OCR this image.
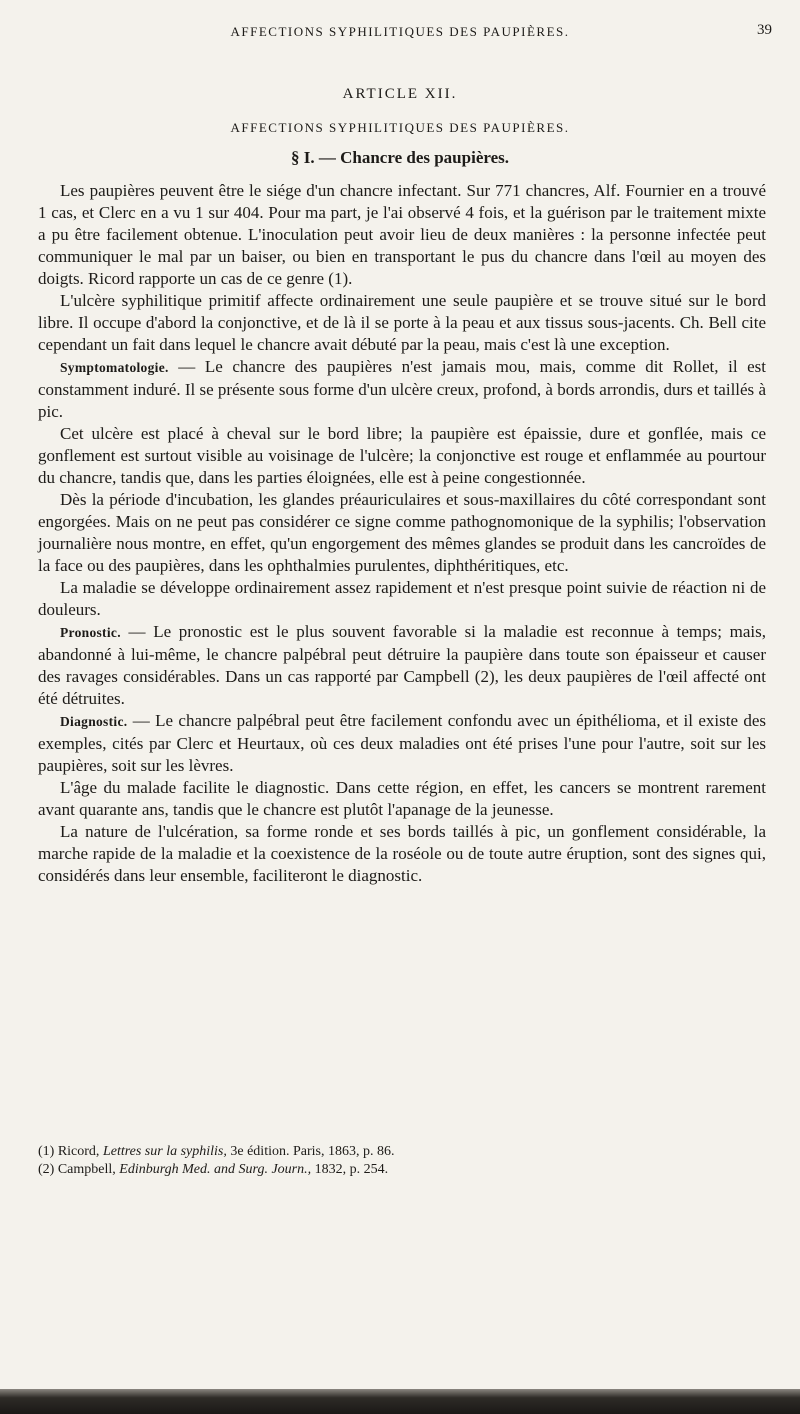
AFFECTIONS SYPHILITIQUES DES PAUPIÈRES.	39
ARTICLE XII.
AFFECTIONS SYPHILITIQUES DES PAUPIÈRES.
§ I. — Chancre des paupières.

Les paupières peuvent être le siége d'un chancre infectant. Sur 771 chancres, Alf. Fournier en a trouvé 1 cas, et Clerc en a vu 1 sur 404. Pour ma part, je l'ai observé 4 fois, et la guérison par le traitement mixte a pu être facilement obtenue. L'inoculation peut avoir lieu de deux manières : la personne infectée peut communiquer le mal par un baiser, ou bien en transportant le pus du chancre dans l'œil au moyen des doigts. Ricord rapporte un cas de ce genre (1).

L'ulcère syphilitique primitif affecte ordinairement une seule paupière et se trouve situé sur le bord libre. Il occupe d'abord la conjonctive, et de là il se porte à la peau et aux tissus sous-jacents. Ch. Bell cite cependant un fait dans lequel le chancre avait débuté par la peau, mais c'est là une exception.

Symptomatologie. — Le chancre des paupières n'est jamais mou, mais, comme dit Rollet, il est constamment induré. Il se présente sous forme d'un ulcère creux, profond, à bords arrondis, durs et taillés à pic.

Cet ulcère est placé à cheval sur le bord libre; la paupière est épaissie, dure et gonflée, mais ce gonflement est surtout visible au voisinage de l'ulcère; la conjonctive est rouge et enflammée au pourtour du chancre, tandis que, dans les parties éloignées, elle est à peine congestionnée.

Dès la période d'incubation, les glandes préauriculaires et sous-maxillaires du côté correspondant sont engorgées. Mais on ne peut pas considérer ce signe comme pathognomonique de la syphilis; l'observation journalière nous montre, en effet, qu'un engorgement des mêmes glandes se produit dans les cancroïdes de la face ou des paupières, dans les ophthalmies purulentes, diphthéritiques, etc.

La maladie se développe ordinairement assez rapidement et n'est presque point suivie de réaction ni de douleurs.

Pronostic. — Le pronostic est le plus souvent favorable si la maladie est reconnue à temps; mais, abandonné à lui-même, le chancre palpébral peut détruire la paupière dans toute son épaisseur et causer des ravages considérables. Dans un cas rapporté par Campbell (2), les deux paupières de l'œil affecté ont été détruites.

Diagnostic. — Le chancre palpébral peut être facilement confondu avec un épithélioma, et il existe des exemples, cités par Clerc et Heurtaux, où ces deux maladies ont été prises l'une pour l'autre, soit sur les paupières, soit sur les lèvres.

L'âge du malade facilite le diagnostic. Dans cette région, en effet, les cancers se montrent rarement avant quarante ans, tandis que le chancre est plutôt l'apanage de la jeunesse.

La nature de l'ulcération, sa forme ronde et ses bords taillés à pic, un gonflement considérable, la marche rapide de la maladie et la coexistence de la roséole ou de toute autre éruption, sont des signes qui, considérés dans leur ensemble, faciliteront le diagnostic.

(1) Ricord, Lettres sur la syphilis, 3e édition. Paris, 1863, p. 86.

(2) Campbell, Edinburgh Med. and Surg. Journ., 1832, p. 254.
